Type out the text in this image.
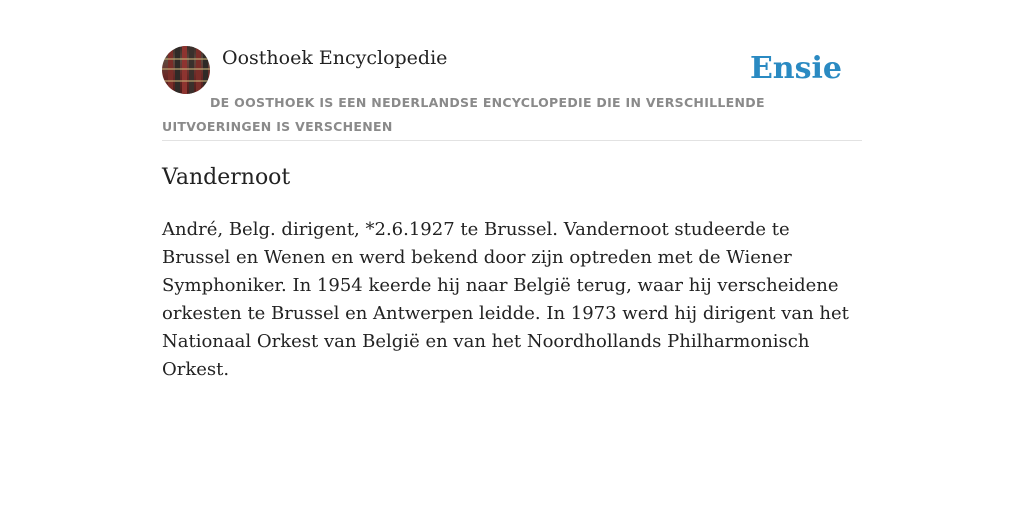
Oosthoek Encyclopedie	Ensie
DE OOSTHOEK IS EEN NEDERLANDSE ENCYCLOPEDIE DIE IN VERSCHILLENDE UITVOERINGEN IS VERSCHENEN
Vandernoot

André, Belg. dirigent, *2.6.1927 te Brussel. Vandernoot studeerde te Brussel en Wenen en werd bekend door zijn optreden met de Wiener Symphoniker. In 1954 keerde hij naar België terug, waar hij verscheidene orkesten te Brussel en Antwerpen leidde. In 1973 werd hij dirigent van het Nationaal Orkest van België en van het Noordhollands Philharmonisch Orkest.
